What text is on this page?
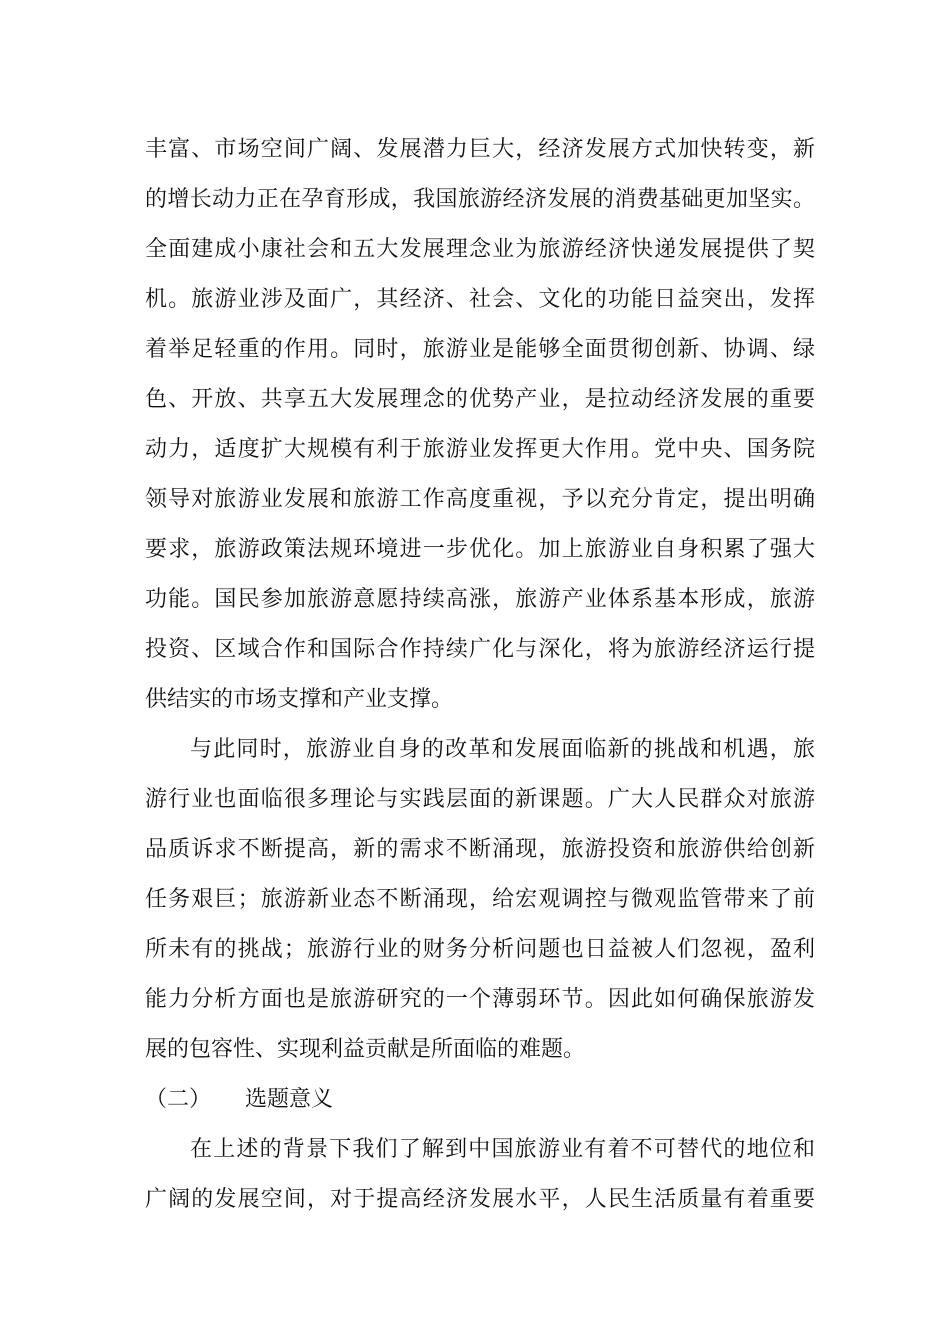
丰富、市场空间广阔、发展潜力巨大，经济发展方式加快转变，新
的增长动力正在孕育形成，我国旅游经济发展的消费基础更加坚实。
全面建成小康社会和五大发展理念业为旅游经济快递发展提供了契
机。旅游业涉及面广，其经济、社会、文化的功能日益突出，发挥
着举足轻重的作用。同时，旅游业是能够全面贯彻创新、协调、绿
色、开放、共享五大发展理念的优势产业，是拉动经济发展的重要
动力，适度扩大规模有利于旅游业发挥更大作用。党中央、国务院
领导对旅游业发展和旅游工作高度重视，予以充分肯定，提出明确
要求，旅游政策法规环境进一步优化。加上旅游业自身积累了强大
功能。国民参加旅游意愿持续高涨，旅游产业体系基本形成，旅游
投资、区域合作和国际合作持续广化与深化，将为旅游经济运行提
供结实的市场支撑和产业支撑。
与此同时，旅游业自身的改革和发展面临新的挑战和机遇，旅
游行业也面临很多理论与实践层面的新课题。广大人民群众对旅游
品质诉求不断提高，新的需求不断涌现，旅游投资和旅游供给创新
任务艰巨；旅游新业态不断涌现，给宏观调控与微观监管带来了前
所未有的挑战；旅游行业的财务分析问题也日益被人们忽视，盈利
能力分析方面也是旅游研究的一个薄弱环节。因此如何确保旅游发
展的包容性、实现利益贡献是所面临的难题。
（二） 选题意义
在上述的背景下我们了解到中国旅游业有着不可替代的地位和
广阔的发展空间，对于提高经济发展水平，人民生活质量有着重要
